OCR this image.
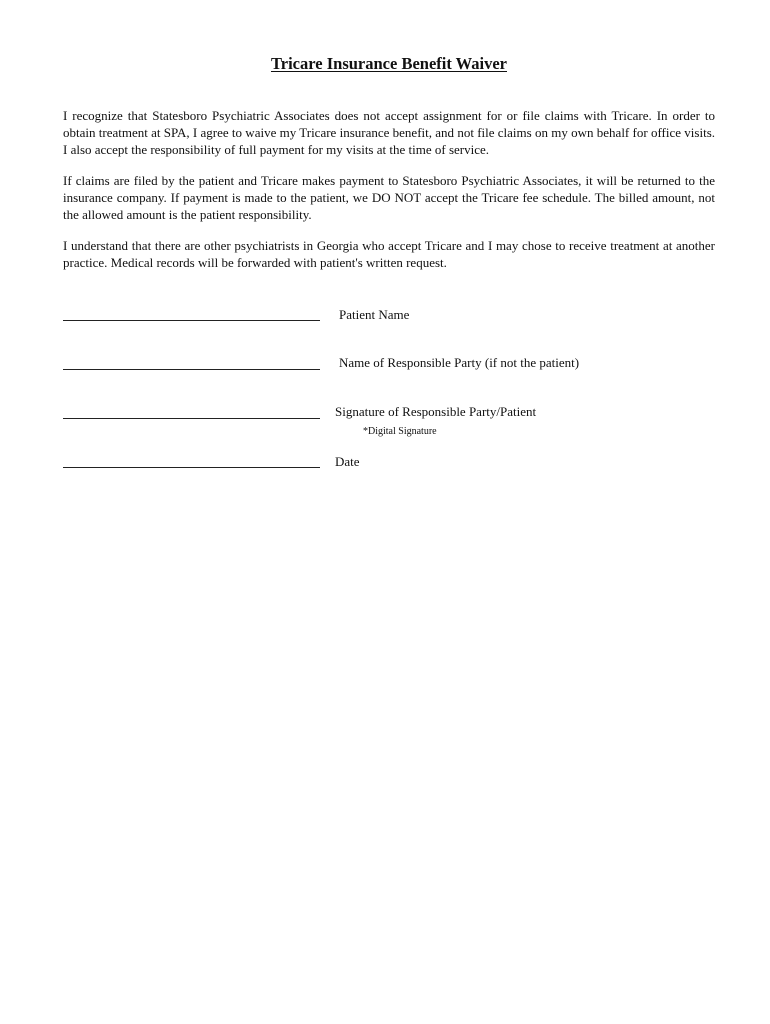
Tricare Insurance Benefit Waiver

I recognize that Statesboro Psychiatric Associates does not accept assignment for or file claims with Tricare. In order to obtain treatment at SPA, I agree to waive my Tricare insurance benefit, and not file claims on my own behalf for office visits. I also accept the responsibility of full payment for my visits at the time of service.

If claims are filed by the patient and Tricare makes payment to Statesboro Psychiatric Associates, it will be returned to the insurance company. If payment is made to the patient, we DO NOT accept the Tricare fee schedule. The billed amount, not the allowed amount is the patient responsibility.

I understand that there are other psychiatrists in Georgia who accept Tricare and I may chose to receive treatment at another practice. Medical records will be forwarded with patient's written request.

Patient Name
Name of Responsible Party (if not the patient)
Signature of Responsible Party/Patient
*Digital Signature
Date
